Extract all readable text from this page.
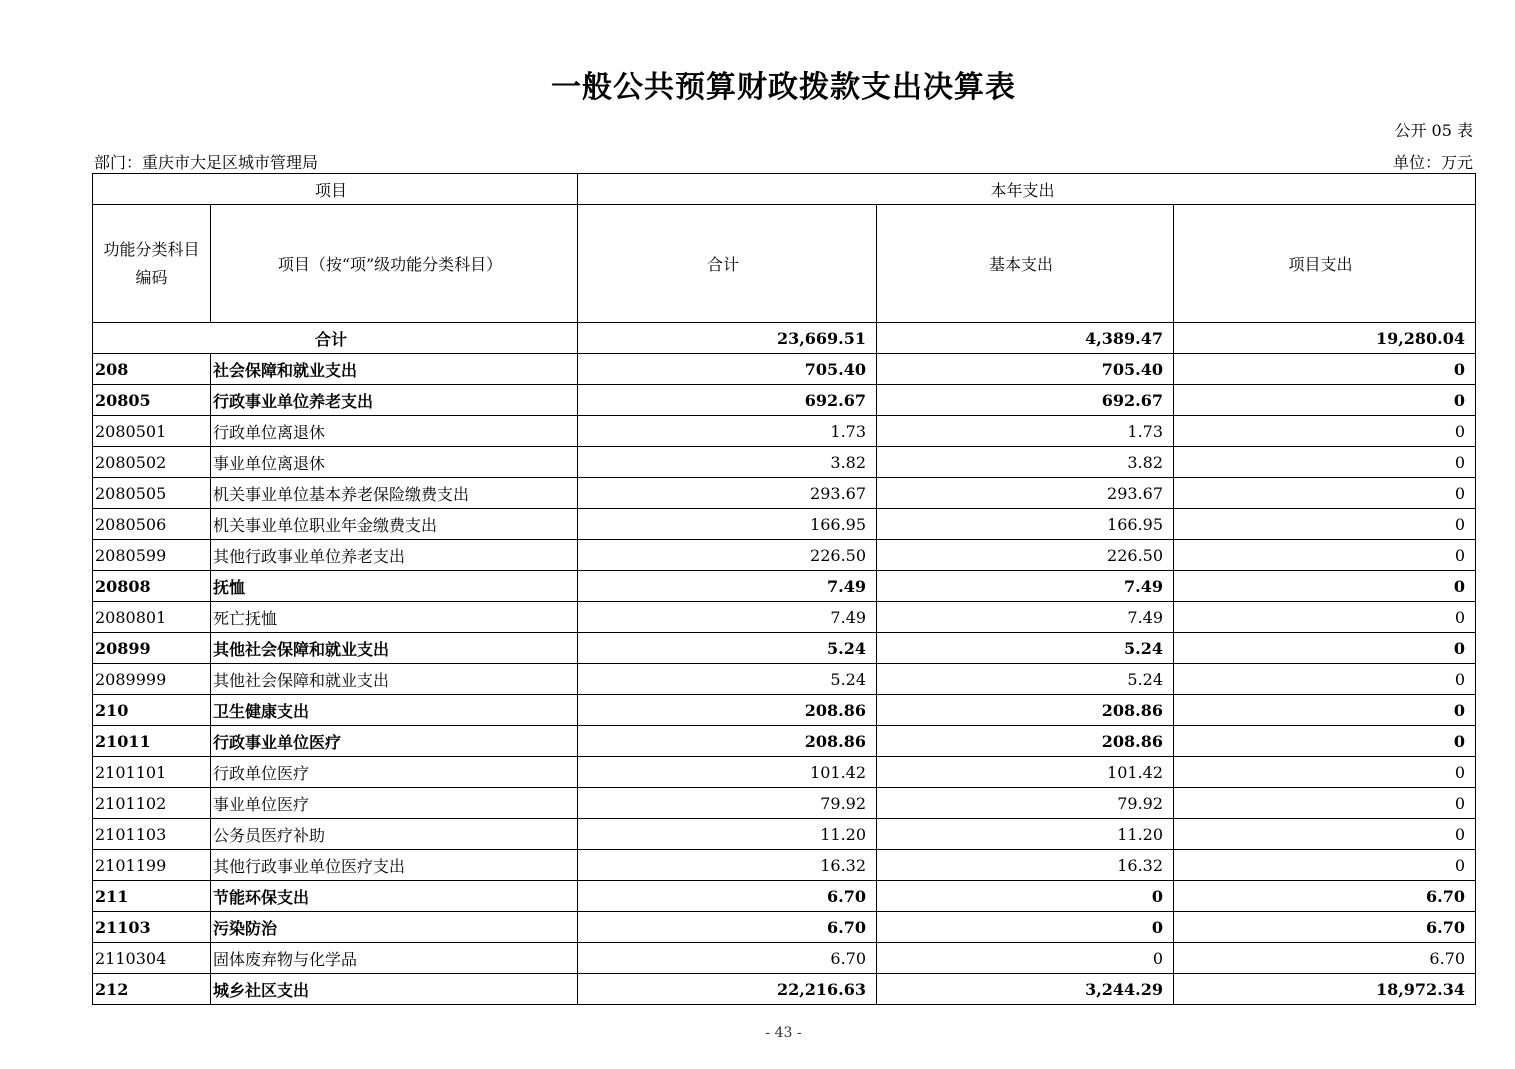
一般公共预算财政拨款支出决算表
公开 05 表
部门：重庆市大足区城市管理局	单位：万元
项目		本年支出		
功能分类科目编码	项目（按“项”级功能分类科目）	合计	基本支出	项目支出
合计		23,669.51	4,389.47	19,280.04
208	社会保障和就业支出	705.40	705.40	0
20805	行政事业单位养老支出	692.67	692.67	0
2080501	行政单位离退休	1.73	1.73	0
2080502	事业单位离退休	3.82	3.82	0
2080505	机关事业单位基本养老保险缴费支出	293.67	293.67	0
2080506	机关事业单位职业年金缴费支出	166.95	166.95	0
2080599	其他行政事业单位养老支出	226.50	226.50	0
20808	抚恤	7.49	7.49	0
2080801	死亡抚恤	7.49	7.49	0
20899	其他社会保障和就业支出	5.24	5.24	0
2089999	其他社会保障和就业支出	5.24	5.24	0
210	卫生健康支出	208.86	208.86	0
21011	行政事业单位医疗	208.86	208.86	0
2101101	行政单位医疗	101.42	101.42	0
2101102	事业单位医疗	79.92	79.92	0
2101103	公务员医疗补助	11.20	11.20	0
2101199	其他行政事业单位医疗支出	16.32	16.32	0
211	节能环保支出	6.70	0	6.70
21103	污染防治	6.70	0	6.70
2110304	固体废弃物与化学品	6.70	0	6.70
212	城乡社区支出	22,216.63	3,244.29	18,972.34
- 43 -
